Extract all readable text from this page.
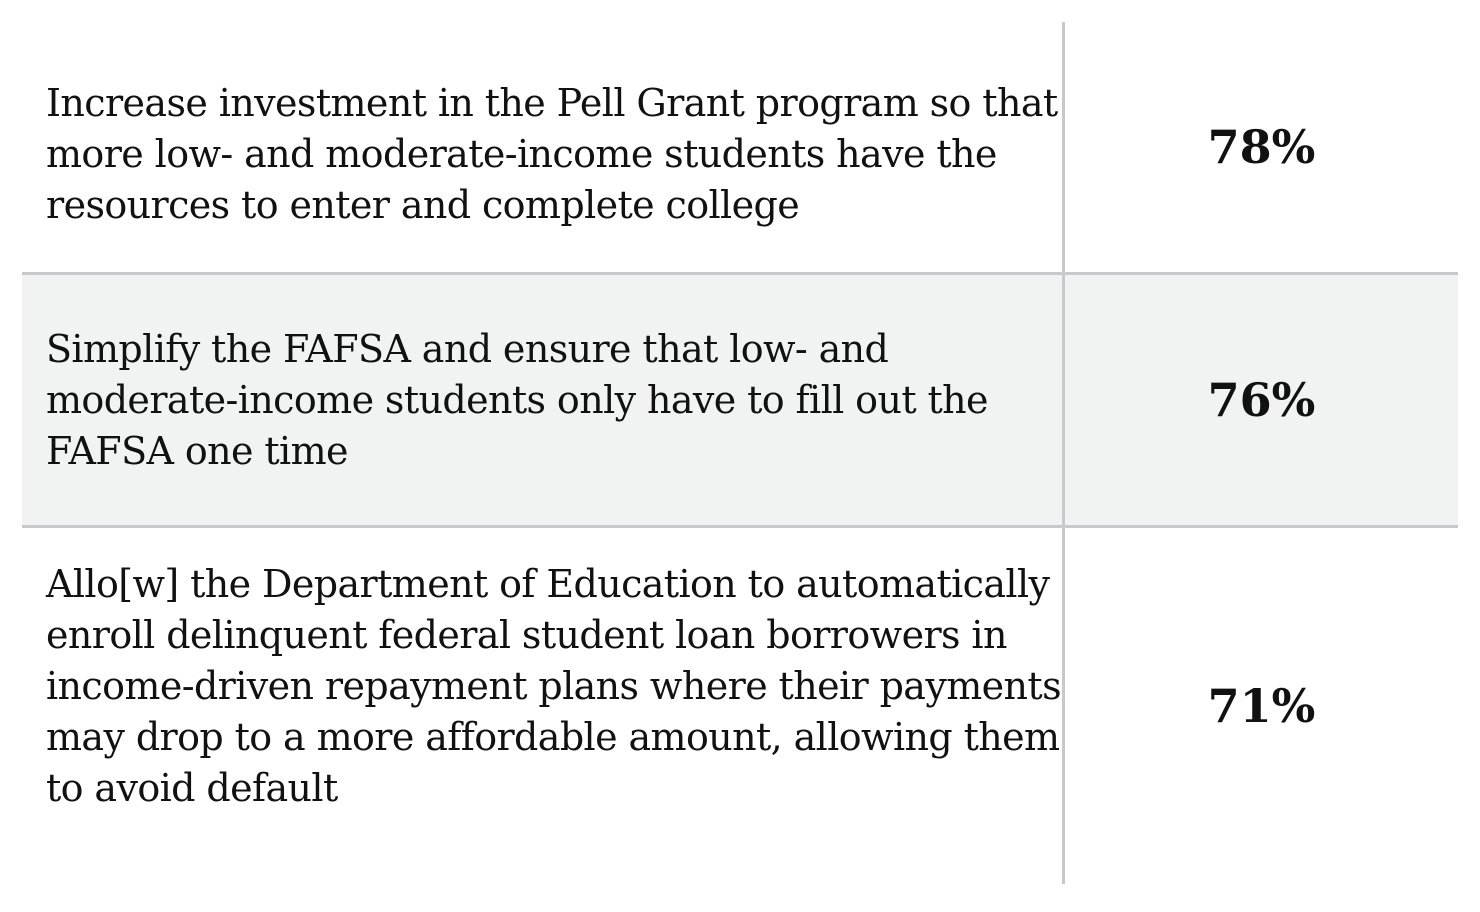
Increase investment in the Pell Grant program so that more low- and moderate-income students have the resources to enter and complete college
78%
Simplify the FAFSA and ensure that low- and moderate-income students only have to fill out the FAFSA one time
76%
Allo[w] the Department of Education to automatically enroll delinquent federal student loan borrowers in income-driven repayment plans where their payments may drop to a more affordable amount, allowing them to avoid default
71%
